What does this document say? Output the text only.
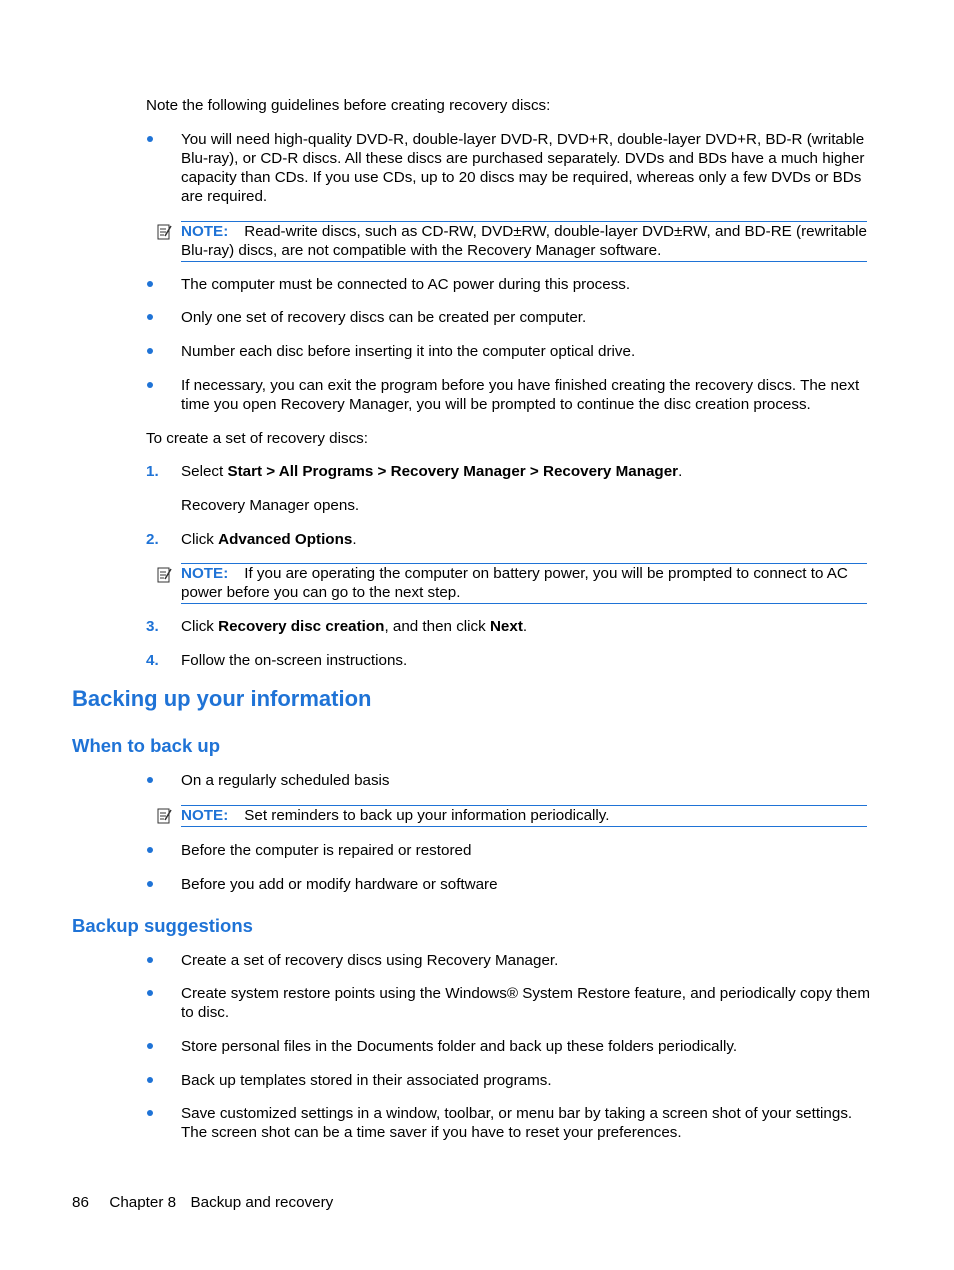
Note the following guidelines before creating recovery discs:
You will need high-quality DVD-R, double-layer DVD-R, DVD+R, double-layer DVD+R, BD-R (writable Blu-ray), or CD-R discs. All these discs are purchased separately. DVDs and BDs have a much higher capacity than CDs. If you use CDs, up to 20 discs may be required, whereas only a few DVDs or BDs are required.
NOTE: Read-write discs, such as CD-RW, DVD±RW, double-layer DVD±RW, and BD-RE (rewritable Blu-ray) discs, are not compatible with the Recovery Manager software.
The computer must be connected to AC power during this process.
Only one set of recovery discs can be created per computer.
Number each disc before inserting it into the computer optical drive.
If necessary, you can exit the program before you have finished creating the recovery discs. The next time you open Recovery Manager, you will be prompted to continue the disc creation process.
To create a set of recovery discs:
1. Select Start > All Programs > Recovery Manager > Recovery Manager.
Recovery Manager opens.
2. Click Advanced Options.
NOTE: If you are operating the computer on battery power, you will be prompted to connect to AC power before you can go to the next step.
3. Click Recovery disc creation, and then click Next.
4. Follow the on-screen instructions.
Backing up your information
When to back up
On a regularly scheduled basis
NOTE: Set reminders to back up your information periodically.
Before the computer is repaired or restored
Before you add or modify hardware or software
Backup suggestions
Create a set of recovery discs using Recovery Manager.
Create system restore points using the Windows® System Restore feature, and periodically copy them to disc.
Store personal files in the Documents folder and back up these folders periodically.
Back up templates stored in their associated programs.
Save customized settings in a window, toolbar, or menu bar by taking a screen shot of your settings. The screen shot can be a time saver if you have to reset your preferences.
86 Chapter 8 Backup and recovery
